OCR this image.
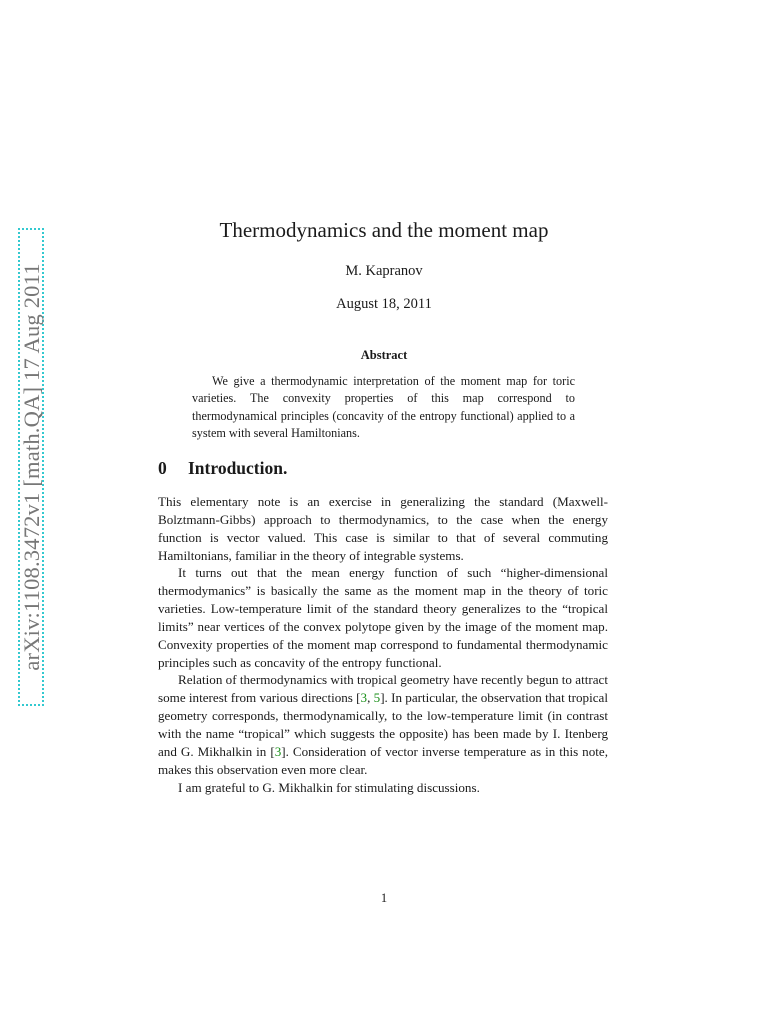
arXiv:1108.3472v1 [math.QA] 17 Aug 2011
Thermodynamics and the moment map
M. Kapranov
August 18, 2011
Abstract

We give a thermodynamic interpretation of the moment map for toric varieties. The convexity properties of this map correspond to thermodynamical principles (concavity of the entropy functional) applied to a system with several Hamiltonians.

0 Introduction.

This elementary note is an exercise in generalizing the standard (Maxwell-Bolztmann-Gibbs) approach to thermodynamics, to the case when the energy function is vector valued. This case is similar to that of several commuting Hamiltonians, familiar in the theory of integrable systems.

It turns out that the mean energy function of such “higher-dimensional thermodymanics” is basically the same as the moment map in the theory of toric varieties. Low-temperature limit of the standard theory generalizes to the “tropical limits” near vertices of the convex polytope given by the image of the moment map. Convexity properties of the moment map correspond to fundamental thermodynamic principles such as concavity of the entropy functional.

Relation of thermodynamics with tropical geometry have recently begun to attract some interest from various directions [3, 5]. In particular, the observation that tropical geometry corresponds, thermodynamically, to the low-temperature limit (in contrast with the name “tropical” which suggests the opposite) has been made by I. Itenberg and G. Mikhalkin in [3]. Consideration of vector inverse temperature as in this note, makes this observation even more clear.

I am grateful to G. Mikhalkin for stimulating discussions.

1
